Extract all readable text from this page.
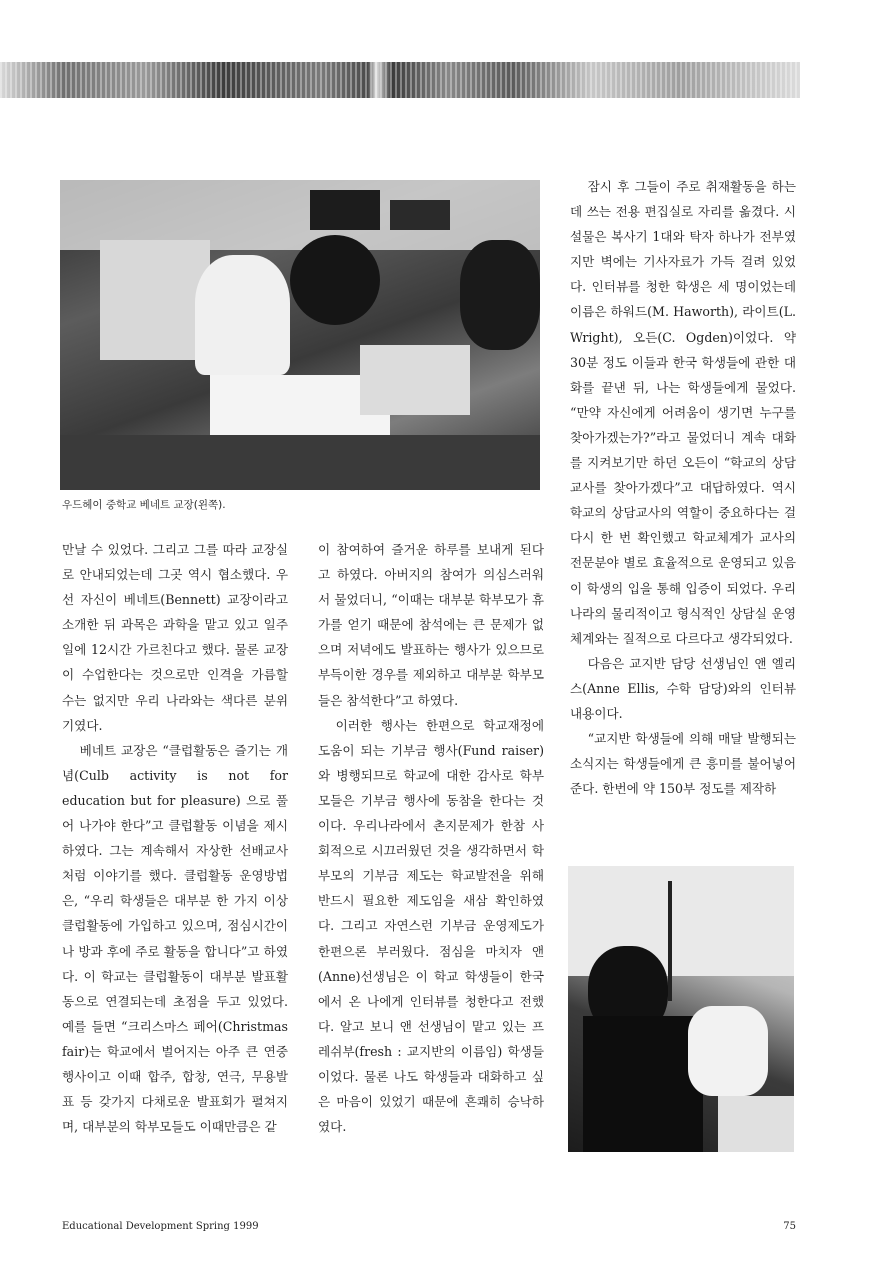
우드헤이 중학교 베네트 교장(왼쪽).

만날 수 있었다. 그리고 그를 따라 교장실로 안내되었는데 그곳 역시 협소했다. 우선 자신이 베네트(Bennett) 교장이라고 소개한 뒤 과목은 과학을 맡고 있고 일주일에 12시간 가르친다고 했다. 물론 교장이 수업한다는 것으로만 인격을 가름할 수는 없지만 우리 나라와는 색다른 분위기였다.

베네트 교장은 “클럽활동은 즐기는 개념(Culb activity is not for education but for pleasure) 으로 풀어 나가야 한다”고 클럽활동 이념을 제시하였다. 그는 계속해서 자상한 선배교사처럼 이야기를 했다. 클럽활동 운영방법은, “우리 학생들은 대부분 한 가지 이상 클럽활동에 가입하고 있으며, 점심시간이나 방과 후에 주로 활동을 합니다”고 하였다. 이 학교는 클럽활동이 대부분 발표활동으로 연결되는데 초점을 두고 있었다. 예를 들면 “크리스마스 페어(Christmas fair)는 학교에서 벌어지는 아주 큰 연중행사이고 이때 합주, 합창, 연극, 무용발표 등 갖가지 다채로운 발표회가 펼쳐지며, 대부분의 학부모들도 이때만큼은 같

이 참여하여 즐거운 하루를 보내게 된다고 하였다. 아버지의 참여가 의심스러워서 물었더니, “이때는 대부분 학부모가 휴가를 얻기 때문에 참석에는 큰 문제가 없으며 저녁에도 발표하는 행사가 있으므로 부득이한 경우를 제외하고 대부분 학부모들은 참석한다”고 하였다.

이러한 행사는 한편으로 학교재정에 도움이 되는 기부금 행사(Fund raiser)와 병행되므로 학교에 대한 감사로 학부모들은 기부금 행사에 동참을 한다는 것이다. 우리나라에서 촌지문제가 한참 사회적으로 시끄러웠던 것을 생각하면서 학부모의 기부금 제도는 학교발전을 위해 반드시 필요한 제도임을 새삼 확인하였다. 그리고 자연스런 기부금 운영제도가 한편으론 부러웠다. 점심을 마치자 앤(Anne)선생님은 이 학교 학생들이 한국에서 온 나에게 인터뷰를 청한다고 전했다. 알고 보니 앤 선생님이 맡고 있는 프레쉬부(fresh : 교지반의 이름임) 학생들이었다. 물론 나도 학생들과 대화하고 싶은 마음이 있었기 때문에 흔쾌히 승낙하였다.

잠시 후 그들이 주로 취재활동을 하는데 쓰는 전용 편집실로 자리를 옮겼다. 시설물은 복사기 1대와 탁자 하나가 전부였지만 벽에는 기사자료가 가득 걸려 있었다. 인터뷰를 청한 학생은 세 명이었는데 이름은 하워드(M. Haworth), 라이트(L. Wright), 오든(C. Ogden)이었다. 약 30분 정도 이들과 한국 학생들에 관한 대화를 끝낸 뒤, 나는 학생들에게 물었다. “만약 자신에게 어려움이 생기면 누구를 찾아가겠는가?”라고 물었더니 계속 대화를 지켜보기만 하던 오든이 “학교의 상담교사를 찾아가겠다”고 대답하였다. 역시 학교의 상담교사의 역할이 중요하다는 걸 다시 한 번 확인했고 학교체계가 교사의 전문분야 별로 효율적으로 운영되고 있음이 학생의 입을 통해 입증이 되었다. 우리 나라의 물리적이고 형식적인 상담실 운영체계와는 질적으로 다르다고 생각되었다.

다음은 교지반 담당 선생님인 앤 엘리스(Anne Ellis, 수학 담당)와의 인터뷰 내용이다.

“교지반 학생들에 의해 매달 발행되는 소식지는 학생들에게 큰 흥미를 불어넣어 준다. 한번에 약 150부 정도를 제작하

Educational Development Spring 1999	75
